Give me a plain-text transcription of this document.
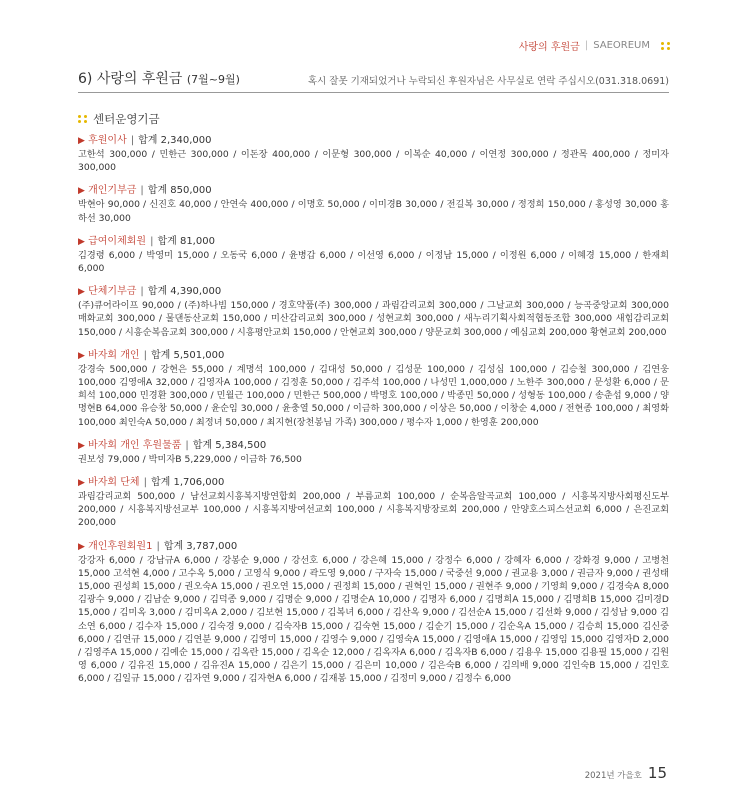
사랑의 후원금 | SAEOREUM
6) 사랑의 후원금 (7월~9월)	혹시 잘못 기재되었거나 누락되신 후원자님은 사무실로 연락 주십시오(031.318.0691)
센터운영기금
▶ 후원이사 | 합계 2,340,000
고한석 300,000 / 민한근 300,000 / 이돈장 400,000 / 이문형 300,000 / 이복순 40,000 / 이연정 300,000 / 정관목 400,000 / 정미자 300,000
▶ 개인기부금 | 합계 850,000
박현아 90,000 / 신진호 40,000 / 안연숙 400,000 / 이명호 50,000 / 이미경B 30,000 / 전길복 30,000 / 정정희 150,000 / 홍성영 30,000 홍하선 30,000
▶ 급여이체회원 | 합계 81,000
김경령 6,000 / 박영미 15,000 / 오동국 6,000 / 윤병갑 6,000 / 이선영 6,000 / 이정남 15,000 / 이정원 6,000 / 이혜경 15,000 / 한재희 6,000
▶ 단체기부금 | 합계 4,390,000
(주)큐어라이프 90,000 / (주)하나빔 150,000 / 경호약품(주) 300,000 / 과림감리교회 300,000 / 그날교회 300,000 / 능곡중앙교회 300,000 매화교회 300,000 / 물댄동산교회 150,000 / 미산감리교회 300,000 / 성현교회 300,000 / 새누리기획사회적협동조합 300,000 새힘감리교회 150,000 / 시흥순복음교회 300,000 / 시흥평안교회 150,000 / 안현교회 300,000 / 양문교회 300,000 / 예심교회 200,000 황현교회 200,000
▶ 바자회 개인 | 합계 5,501,000
강경숙 500,000 / 강현은 55,000 / 계명석 100,000 / 김대성 50,000 / 김성문 100,000 / 김성심 100,000 / 김승철 300,000 / 김연웅 100,000 김영애A 32,000 / 김영자A 100,000 / 김정훈 50,000 / 김주석 100,000 / 나성민 1,000,000 / 노한주 300,000 / 문성환 6,000 / 문희석 100,000 민경환 300,000 / 민월근 100,000 / 민한근 500,000 / 박명호 100,000 / 박종민 50,000 / 성형동 100,000 / 송춘섭 9,000 / 양명현B 64,000 유승창 50,000 / 윤순임 30,000 / 윤충열 50,000 / 이금하 300,000 / 이상은 50,000 / 이창순 4,000 / 전현종 100,000 / 최영화 100,000 최인숙A 50,000 / 최정녀 50,000 / 최지현(장천봉님 가족) 300,000 / 평수자 1,000 / 한영훈 200,000
▶ 바자회 개인 후원물품 | 합계 5,384,500
권보성 79,000 / 박미자B 5,229,000 / 이금하 76,500
▶ 바자회 단체 | 합계 1,706,000
과림감리교회 500,000 / 남선교회시흥복지방연합회 200,000 / 부름교회 100,000 / 순복음알곡교회 100,000 / 시흥복지방사회평신도부 200,000 / 시흥복지방선교부 100,000 / 시흥복지방여선교회 100,000 / 시흥복지방장로회 200,000 / 안양호스피스선교회 6,000 / 은진교회 200,000
▶ 개인후원회원1 | 합계 3,787,000
강강자 6,000 / 강남규A 6,000 / 강봉순 9,000 / 강선호 6,000 / 강은혜 15,000 / 강정수 6,000 / 강혜자 6,000 / 강화경 9,000 / 고병천 15,000 고석현 4,000 / 고수옥 5,000 / 고영식 9,000 / 곽도영 9,000 / 구자숙 15,000 / 국중선 9,000 / 권교용 3,000 / 권금자 9,000 / 권성태 15,000 권성희 15,000 / 권오숙A 15,000 / 권오연 15,000 / 권정희 15,000 / 권혁인 15,000 / 권현주 9,000 / 기영희 9,000 / 김경숙A 8,000 김광수 9,000 / 김남순 9,000 / 김덕종 9,000 / 김명순 9,000 / 김명순A 10,000 / 김명자 6,000 / 김명희A 15,000 / 김명희B 15,000 김미경D 15,000 / 김미옥 3,000 / 김미옥A 2,000 / 김보현 15,000 / 김복녀 6,000 / 김산옥 9,000 / 김선순A 15,000 / 김선화 9,000 / 김성남 9,000 김소연 6,000 / 김수자 15,000 / 김숙경 9,000 / 김숙자B 15,000 / 김숙현 15,000 / 김순기 15,000 / 김순옥A 15,000 / 김승희 15,000 김신중 6,000 / 김연규 15,000 / 김연분 9,000 / 김영미 15,000 / 김영수 9,000 / 김영숙A 15,000 / 김영애A 15,000 / 김영임 15,000 김영자D 2,000 / 김영주A 15,000 / 김예순 15,000 / 김옥란 15,000 / 김옥순 12,000 / 김옥자A 6,000 / 김옥자B 6,000 / 김용우 15,000 김용필 15,000 / 김원영 6,000 / 김유진 15,000 / 김유진A 15,000 / 김은기 15,000 / 김은미 10,000 / 김은숙B 6,000 / 김의배 9,000 김인숙B 15,000 / 김인호 6,000 / 김일규 15,000 / 김자연 9,000 / 김자현A 6,000 / 김재봉 15,000 / 김정미 9,000 / 김정수 6,000
2021년 가을호 15
